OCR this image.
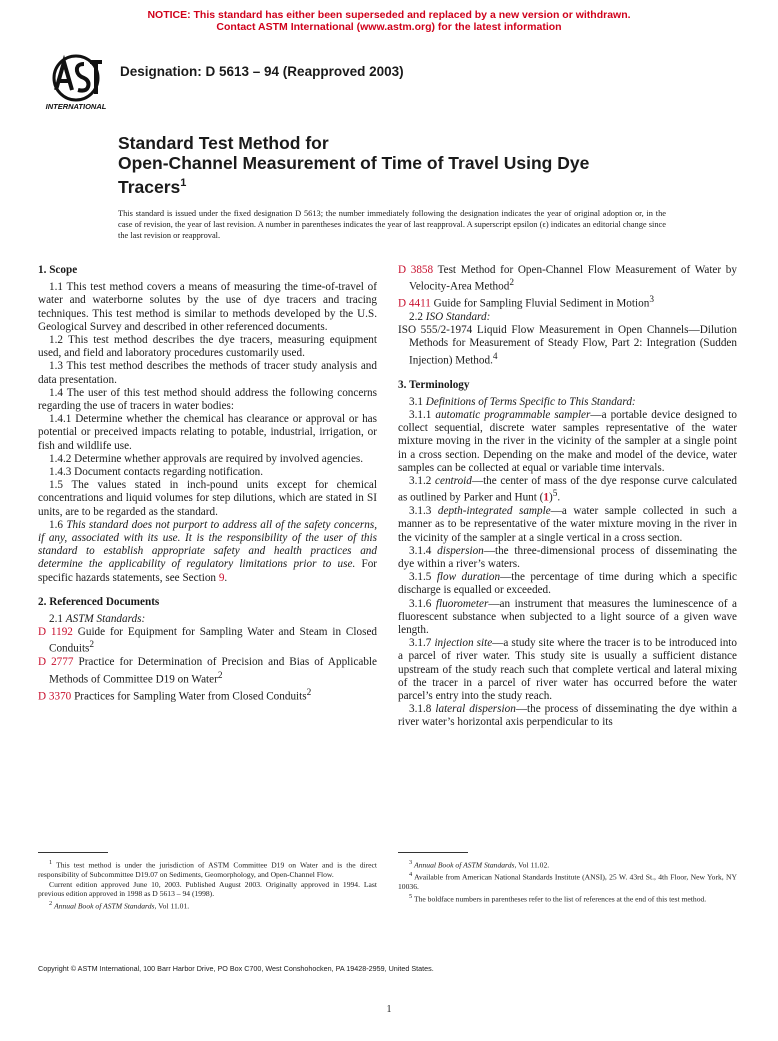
NOTICE: This standard has either been superseded and replaced by a new version or withdrawn.
Contact ASTM International (www.astm.org) for the latest information
INTERNATIONAL
Designation: D 5613 – 94 (Reapproved 2003)
Standard Test Method for
Open-Channel Measurement of Time of Travel Using Dye
Tracers$^1$
This standard is issued under the fixed designation D 5613; the number immediately following the designation indicates the year of original adoption or, in the case of revision, the year of last revision. A number in parentheses indicates the year of last reapproval. A superscript epsilon (ϵ) indicates an editorial change since the last revision or reapproval.

1. Scope

1.1 This test method covers a means of measuring the time-of-travel of water and waterborne solutes by the use of dye tracers and tracing techniques. This test method is similar to methods developed by the U.S. Geological Survey and described in other referenced documents.

1.2 This test method describes the dye tracers, measuring equipment used, and field and laboratory procedures customarily used.

1.3 This test method describes the methods of tracer study analysis and data presentation.

1.4 The user of this test method should address the following concerns regarding the use of tracers in water bodies:

1.4.1 Determine whether the chemical has clearance or approval or has potential or preceived impacts relating to potable, industrial, irrigation, or fish and wildlife use.

1.4.2 Determine whether approvals are required by involved agencies.

1.4.3 Document contacts regarding notification.

1.5 The values stated in inch-pound units except for chemical concentrations and liquid volumes for step dilutions, which are stated in SI units, are to be regarded as the standard.

1.6 This standard does not purport to address all of the safety concerns, if any, associated with its use. It is the responsibility of the user of this standard to establish appropriate safety and health practices and determine the applicability of regulatory limitations prior to use. For specific hazards statements, see Section 9.

2. Referenced Documents

2.1 ASTM Standards:

D 1192 Guide for Equipment for Sampling Water and Steam in Closed Conduits$^2$

D 2777 Practice for Determination of Precision and Bias of Applicable Methods of Committee D19 on Water$^2$

D 3370 Practices for Sampling Water from Closed Conduits$^2$

D 3858 Test Method for Open-Channel Flow Measurement of Water by Velocity-Area Method$^2$

D 4411 Guide for Sampling Fluvial Sediment in Motion$^3$

2.2 ISO Standard:

ISO 555/2-1974 Liquid Flow Measurement in Open Channels—Dilution Methods for Measurement of Steady Flow, Part 2: Integration (Sudden Injection) Method.$^4$

3. Terminology

3.1 Definitions of Terms Specific to This Standard:

3.1.1 automatic programmable sampler—a portable device designed to collect sequential, discrete water samples representative of the water mixture moving in the river in the vicinity of the sampler at a single point in a cross section. Depending on the make and model of the device, water samples can be collected at equal or variable time intervals.

3.1.2 centroid—the center of mass of the dye response curve calculated as outlined by Parker and Hunt $(1)^5$.

3.1.3 depth-integrated sample—a water sample collected in such a manner as to be representative of the water mixture moving in the river in the vicinity of the sampler at a single vertical in a cross section.

3.1.4 dispersion—the three-dimensional process of disseminating the dye within a river’s waters.

3.1.5 flow duration—the percentage of time during which a specific discharge is equalled or exceeded.

3.1.6 fluorometer—an instrument that measures the luminescence of a fluorescent substance when subjected to a light source of a given wave length.

3.1.7 injection site—a study site where the tracer is to be introduced into a parcel of river water. This study site is usually a sufficient distance upstream of the study reach such that complete vertical and lateral mixing of the tracer in a parcel of river water has occurred before the water parcel’s entry into the study reach.

3.1.8 lateral dispersion—the process of disseminating the dye within a river water’s horizontal axis perpendicular to its

$^1$ This test method is under the jurisdiction of ASTM Committee D19 on Water and is the direct responsibility of Subcommittee D19.07 on Sediments, Geomorphology, and Open-Channel Flow.

Current edition approved June 10, 2003. Published August 2003. Originally approved in 1994. Last previous edition approved in 1998 as D 5613 – 94 (1998).

$^2$ Annual Book of ASTM Standards, Vol 11.01.

$^3$ Annual Book of ASTM Standards, Vol 11.02.

$^4$ Available from American National Standards Institute (ANSI), 25 W. 43rd St., 4th Floor, New York, NY 10036.

$^5$ The boldface numbers in parentheses refer to the list of references at the end of this test method.

Copyright © ASTM International, 100 Barr Harbor Drive, PO Box C700, West Conshohocken, PA 19428-2959, United States.
1
